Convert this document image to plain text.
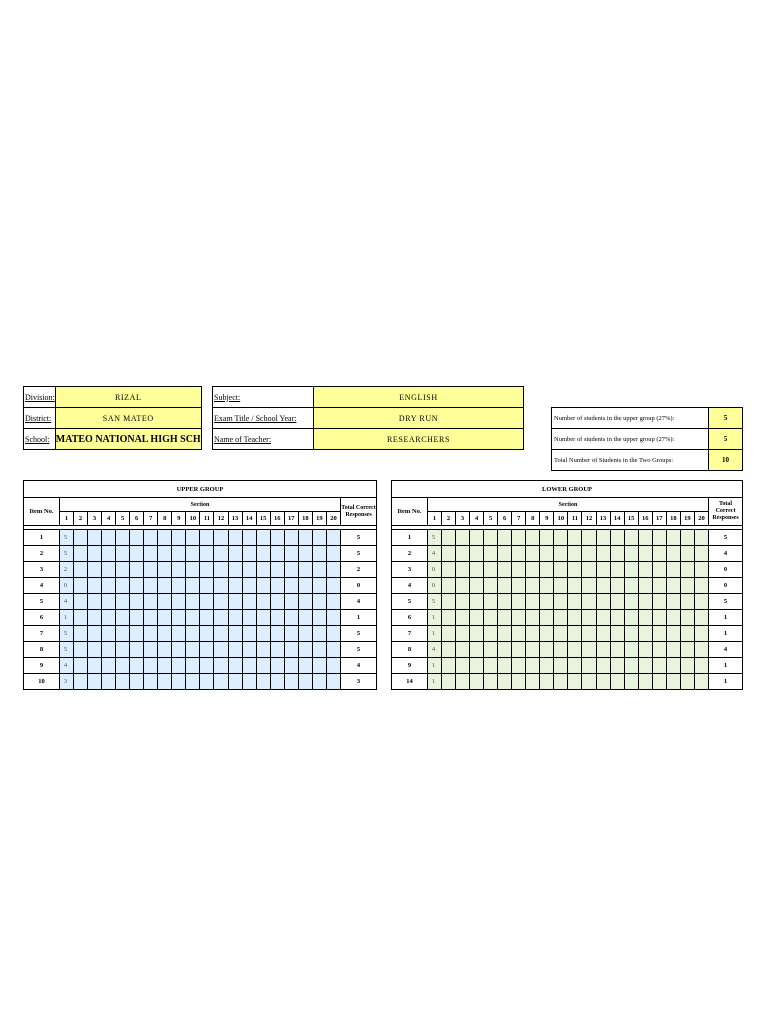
Division:	RIZAL
District:	SAN MATEO
School:	MATEO NATIONAL HIGH SCH
Subject:	ENGLISH
Exam Title / School Year:	DRY RUN
Name of Teacher:	RESEARCHERS
Number of students in the upper group (27%):	5
Number of students in the upper group (27%):	5
Total Number of Students in the Two Groups:	10
UPPER GROUP																					
Item No.	Section																				Total Correct Responses
	1	2	3	4	5	6	7	8	9	10	11	12	13	14	15	16	17	18	19	20	

1	5																				5
2	5																				5
3	2																				2
4	0																				0
5	4																				4
6	1																				1
7	5																				5
8	5																				5
9	4																				4
10	3																				3
LOWER GROUP																					
Item No.	Section																				Total Correct Responses
	1	2	3	4	5	6	7	8	9	10	11	12	13	14	15	16	17	18	19	20	

1	5																				5
2	4																				4
3	0																				0
4	0																				0
5	5																				5
6	1																				1
7	1																				1
8	4																				4
9	1																				1
14	1																				1
